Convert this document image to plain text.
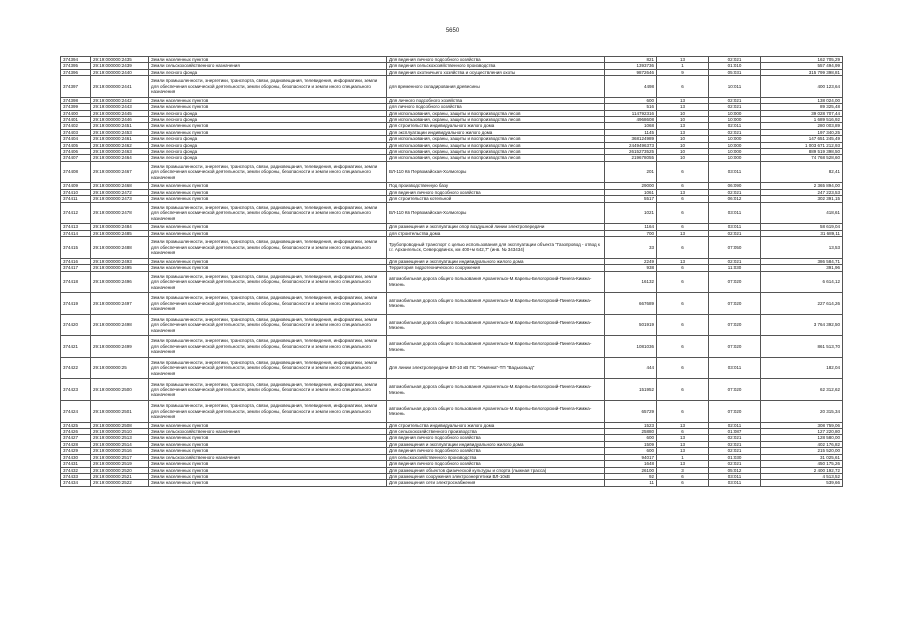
5650
374394	29:19:000000:2435	Земли населенных пунктов	Для ведения личного подсобного хозяйства	821	13	02:021	162 705,29
374395	29:19:000000:2439	Земли сельскохозяйственного назначения	Для ведения сельскохозяйственного производства	1393736	1	01:010	557 494,99
374396	29:19:000000:2440	Земли лесного фонда	Для ведения охотничьего хозяйства и осуществления охоты	9872646	9	05:031	315 799 398,81
374397	29:19:000000:2441	Земли промышленности, энергетики, транспорта, связи, радиовещания, телевидения, информатики, земли для обеспечения космической деятельности, земли обороны, безопасности и земли иного специального назначения	для временного складирования древесины	4498	6	10:011	400 123,64
374398	29:19:000000:2442	Земли населенных пунктов	Для личного подсобного хозяйства	600	13	02:021	138 024,00
374399	29:19:000000:2443	Земли населенных пунктов	для личного подсобного хозяйства	516	13	02:021	89 325,48
374400	29:19:000000:2445	Земли лесного фонда	Для использования, охраны, защиты и воспроизводства лесов	114792316	10	10:000	39 028 707,44
374401	29:19:000000:2446	Земли лесного фонда	Для использования, охраны, защиты и воспроизводства лесов	4968608	10	10:000	1 689 516,92
374402	29:19:000000:2451	Земли населенных пунктов	Для строительства индивидуального жилого дома	1068	13	02:011	280 003,89
374403	29:19:000000:2453	Земли населенных пунктов	Для эксплуатации индивидуального жилого дома	1145	13	02:021	197 340,25
374404	29:19:000000:2461	Земли лесного фонда	Для использования, охраны, защиты и воспроизводства лесов	368124989	10	10:000	147 651 245,49
374405	29:19:000000:2462	Земли лесного фонда	Для использования, охраны, защиты и воспроизводства лесов	2449496373	10	10:000	1 003 671 212,93
374406	29:19:000000:2463	Земли лесного фонда	Для использования, охраны, защиты и воспроизводства лесов	2615273525	10	10:000	889 519 398,50
374407	29:19:000000:2464	Земли лесного фонда	Для использования, охраны, защиты и воспроизводства лесов	219678055	10	10:000	74 768 528,60
374408	29:19:000000:2467	Земли промышленности, энергетики, транспорта, связи, радиовещания, телевидения, информатики, земли для обеспечения космической деятельности, земли обороны, безопасности и земли иного специального назначения	ВЛ-110 Кв Первомайская-Холмогоры	201	6	03:011	82,41
374409	29:19:000000:2468	Земли населенных пунктов	Под производственную базу	29000	6	06:090	2 365 894,00
374410	29:19:000000:2472	Земли населенных пунктов	Для ведения личного подсобного хозяйства	1061	13	02:021	247 223,53
374411	29:19:000000:2473	Земли населенных пунктов	Для строительства котельной	5517	6	06:012	302 391,15
374412	29:19:000000:2478	Земли промышленности, энергетики, транспорта, связи, радиовещания, телевидения, информатики, земли для обеспечения космической деятельности, земли обороны, безопасности и земли иного специального назначения	ВЛ-110 Кв Первомайская-Холмогоры	1021	6	03:011	418,61
374413	29:19:000000:2484	Земли населенных пунктов	Для размещения и эксплуатации опор воздушной линии электропередачи	1164	6	03:011	58 619,04
374414	29:19:000000:2485	Земли населенных пунктов	для строительства дома	700	13	02:021	31 689,11
374415	29:19:000000:2488	Земли промышленности, энергетики, транспорта, связи, радиовещания, телевидения, информатики, земли для обеспечения космической деятельности, земли обороны, безопасности и земли иного специального назначения	Трубопроводный транспорт с целью использования для эксплуатации объекта "Газопровод - отвод к г.г. Архангельск, Северодвинск, км 400+м 642,7" (инв. № 343434)	33	6	07:050	13,53
374416	29:19:000000:2493	Земли населенных пунктов	Для размещения и эксплуатации индивидуального жилого дома	2249	13	02:021	386 584,71
374417	29:19:000000:2495	Земли населенных пунктов	Территория гидротехнического сооружения	938	6	11:030	391,96
374418	29:19:000000:2496	Земли промышленности, энергетики, транспорта, связи, радиовещания, телевидения, информатики, земли для обеспечения космической деятельности, земли обороны, безопасности и земли иного специального назначения	автомобильная дорога общего пользования Архангельск-М.Карелы-Белогорский-Пинега-Кимжа-Мезень	16132	6	07:020	6 614,12
374419	29:19:000000:2497	Земли промышленности, энергетики, транспорта, связи, радиовещания, телевидения, информатики, земли для обеспечения космической деятельности, земли обороны, безопасности и земли иного специального назначения	автомобильная дорога общего пользования Архангельск-М.Карелы-Белогорский-Пинега-Кимжа-Мезень	667689	6	07:020	227 614,26
374420	29:19:000000:2498	Земли промышленности, энергетики, транспорта, связи, радиовещания, телевидения, информатики, земли для обеспечения космической деятельности, земли обороны, безопасности и земли иного специального назначения	автомобильная дорога общего пользования Архангельск-М.Карелы-Белогорский-Пинега-Кимжа-Мезень	501919	6	07:020	3 764 392,50
374421	29:19:000000:2499	Земли промышленности, энергетики, транспорта, связи, радиовещания, телевидения, информатики, земли для обеспечения космической деятельности, земли обороны, безопасности и земли иного специального назначения	автомобильная дорога общего пользования Архангельск-М.Карелы-Белогорский-Пинега-Кимжа-Мезень	1081036	6	07:020	861 513,70
374422	29:19:000000:25	Земли промышленности, энергетики, транспорта, связи, радиовещания, телевидения, информатики, земли для обеспечения космической деятельности, земли обороны, безопасности и земли иного специального назначения	Для линии электропередачи ВЛ-10 кВ ПС "Уемянка"-ТП "Вадьковьзд"	444	6	03:011	182,04
374423	29:19:000000:2500	Земли промышленности, энергетики, транспорта, связи, радиовещания, телевидения, информатики, земли для обеспечения космической деятельности, земли обороны, безопасности и земли иного специального назначения	автомобильная дорога общего пользования Архангельск-М.Карелы-Белогорский-Пинега-Кимжа-Мезень	151952	6	07:020	62 312,62
374424	29:19:000000:2501	Земли промышленности, энергетики, транспорта, связи, радиовещания, телевидения, информатики, земли для обеспечения космической деятельности, земли обороны, безопасности и земли иного специального назначения	автомобильная дорога общего пользования Архангельск-М.Карелы-Белогорский-Пинега-Кимжа-Мезень	65729	6	07:020	20 315,34
374425	29:19:000000:2508	Земли населенных пунктов	Для строительства индивидуального жилого дома	1523	13	02:011	308 759,06
374426	29:19:000000:2510	Земли сельскохозяйственного назначения	Для сельскохозяйственного производства	25880	6	01:087	127 220,80
374427	29:19:000000:2513	Земли населенных пунктов	Для ведения личного подсобного хозяйства	600	13	02:021	128 580,00
374428	29:19:000000:2514	Земли населенных пунктов	Для размещения и эксплуатации индивидуального жилого дома	1509	13	02:021	402 176,82
374429	29:19:000000:2516	Земли населенных пунктов	Для ведения личного подсобного хозяйства	600	13	02:021	215 520,00
374430	29:19:000000:2517	Земли сельскохозяйственного назначения	для сельскохозяйственного производства	94017	1	01:030	31 025,61
374431	29:19:000000:2519	Земли населенных пунктов	Для ведения личного подсобного хозяйства	1648	13	02:021	450 175,26
374432	29:19:000000:2520	Земли населенных пунктов	Для размещения объектов физической культуры и спорта (лыжная трасса)	26100	3	05:012	2 400 192,72
374433	29:19:000000:2521	Земли населенных пунктов	Для размещения сооружения электроэнергетики ВЛ-10кВ	92	6	03:011	4 513,52
374434	29:19:000000:2522	Земли населенных пунктов	Для размещения сети электроснабжения	11	6	03:011	539,66
